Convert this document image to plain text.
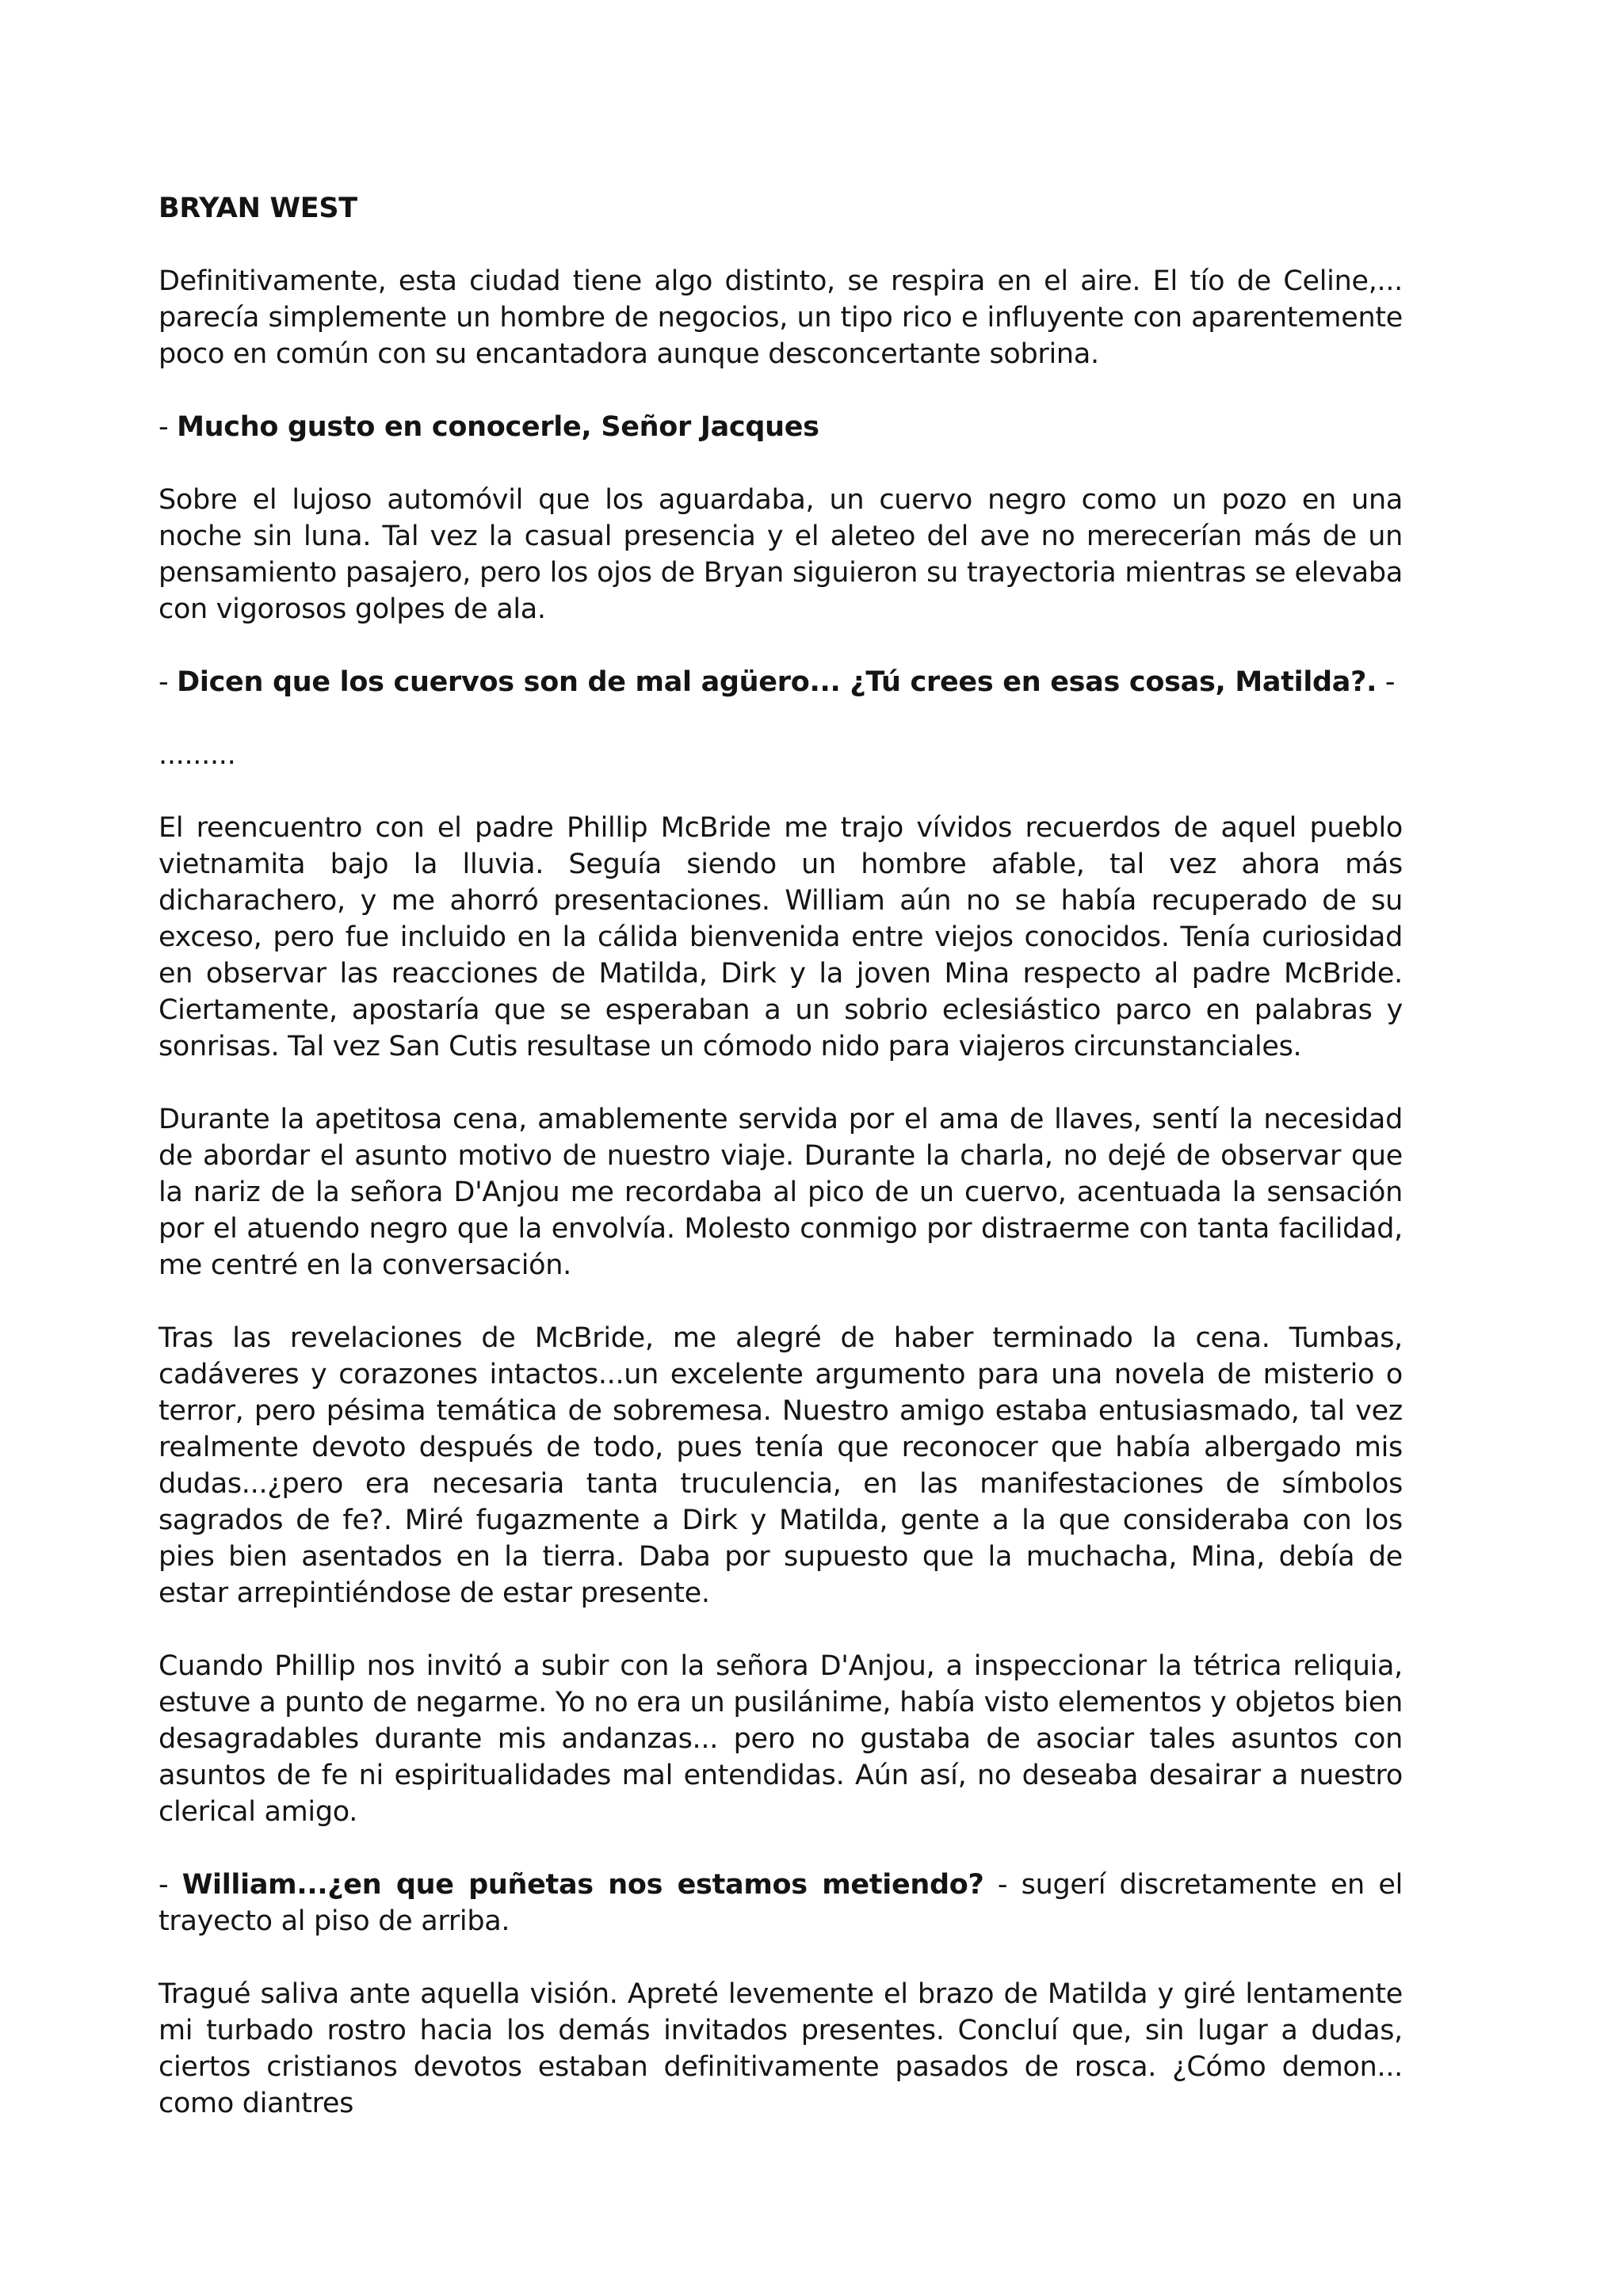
BRYAN WEST

Definitivamente, esta ciudad tiene algo distinto, se respira en el aire. El tío de Celine,... parecía simplemente un hombre de negocios, un tipo rico e influyente con aparentemente poco en común con su encantadora aunque desconcertante sobrina.

- Mucho gusto en conocerle, Señor Jacques

Sobre el lujoso automóvil que los aguardaba, un cuervo negro como un pozo en una noche sin luna. Tal vez la casual presencia y el aleteo del ave no merecerían más de un pensamiento pasajero, pero los ojos de Bryan siguieron su trayectoria mientras se elevaba con vigorosos golpes de ala.

- Dicen que los cuervos son de mal agüero... ¿Tú crees en esas cosas, Matilda?. -

.........

El reencuentro con el padre Phillip McBride me trajo vívidos recuerdos de aquel pueblo vietnamita bajo la lluvia. Seguía siendo un hombre afable, tal vez ahora más dicharachero, y me ahorró presentaciones. William aún no se había recuperado de su exceso, pero fue incluido en la cálida bienvenida entre viejos conocidos. Tenía curiosidad en observar las reacciones de Matilda, Dirk y la joven Mina respecto al padre McBride. Ciertamente, apostaría que se esperaban a un sobrio eclesiástico parco en palabras y sonrisas. Tal vez San Cutis resultase un cómodo nido para viajeros circunstanciales.

Durante la apetitosa cena, amablemente servida por el ama de llaves, sentí la necesidad de abordar el asunto motivo de nuestro viaje. Durante la charla, no dejé de observar que la nariz de la señora D'Anjou me recordaba al pico de un cuervo, acentuada la sensación por el atuendo negro que la envolvía. Molesto conmigo por distraerme con tanta facilidad, me centré en la conversación.

Tras las revelaciones de McBride, me alegré de haber terminado la cena. Tumbas, cadáveres y corazones intactos...un excelente argumento para una novela de misterio o terror, pero pésima temática de sobremesa. Nuestro amigo estaba entusiasmado, tal vez realmente devoto después de todo, pues tenía que reconocer que había albergado mis dudas...¿pero era necesaria tanta truculencia, en las manifestaciones de símbolos sagrados de fe?. Miré fugazmente a Dirk y Matilda, gente a la que consideraba con los pies bien asentados en la tierra. Daba por supuesto que la muchacha, Mina, debía de estar arrepintiéndose de estar presente.

Cuando Phillip nos invitó a subir con la señora D'Anjou, a inspeccionar la tétrica reliquia, estuve a punto de negarme. Yo no era un pusilánime, había visto elementos y objetos bien desagradables durante mis andanzas... pero no gustaba de asociar tales asuntos con asuntos de fe ni espiritualidades mal entendidas. Aún así, no deseaba desairar a nuestro clerical amigo.

- William...¿en que puñetas nos estamos metiendo? - sugerí discretamente en el trayecto al piso de arriba.

Tragué saliva ante aquella visión. Apreté levemente el brazo de Matilda y giré lentamente mi turbado rostro hacia los demás invitados presentes. Concluí que, sin lugar a dudas, ciertos cristianos devotos estaban definitivamente pasados de rosca. ¿Cómo demon... como diantres
